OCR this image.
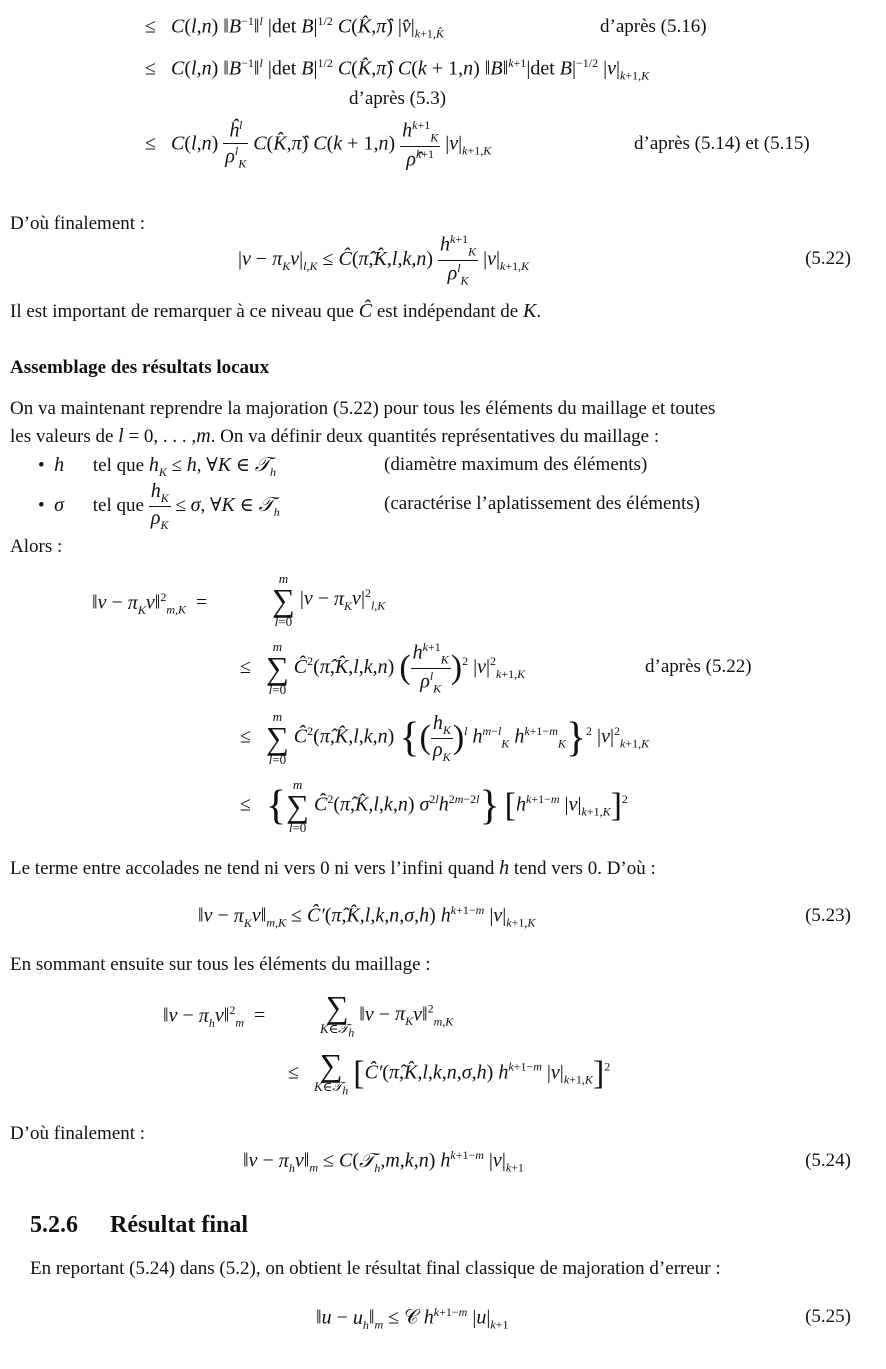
≤   C(l,n) $‖B^{-1}‖^l$ |det $B|^{1/2}$ C(K̂,π̂) $|v̂|_{k+1,K̂}$	d’après (5.16)
≤   C(l,n) $‖B^{-1}‖^l$ |det $B|^{1/2}$ C(K̂,π̂) C(k + 1,n) ‖B‖$^{k+1}$|det $B|^{-1/2}$ $|v|_{k+1,K}$
d’après (5.3)
≤   $C(l,n) \frac{ĥ^l}{\rho^l_K}$ C(K̂,π̂) $C(k + 1,n) \frac{h^{k+1}_K}{\rhô^{k+1}} |v|_{k+1,K}$	d’après (5.14) et (5.15)
D’où finalement :
$|v - \pi_Kv|_{l,K}$ ≤ Ĉ(π̂,K̂,l,k,n) $\frac{h^{k+1}_K}{\rho^l_K} |v|_{k+1,K}$	(5.22)
Il est important de remarquer à ce niveau que Ĉ est indépendant de K.
Assemblage des résultats locaux
On va maintenant reprendre la majoration (5.22) pour tous les éléments du maillage et toutes
les valeurs de l = 0, . . . ,m. On va définir deux quantités représentatives du maillage :
• h tel que $h_K \le h$, ∀K ∈ 𝒯$_h$	(diamètre maximum des éléments)
• σ tel que $\frac{h_K}{\rho_K} \le \sigma$, ∀K ∈ 𝒯$_h$	(caractérise l’aplatissement des éléments)
Alors :
‖v − $\pi_Kv‖^2_{m,K}$  =
m
∑
l=0 $|v - \pi_Kv|^2_{l,K}$
≤   m
∑
l=0 $Ĉ^2(\pî,K̂,l,k,n)$ ( $\frac{h^{k+1}_K}{\rho^l_K} )^2$ $|v|^2_{k+1,K}$	d’après (5.22)
≤   m
∑
l=0 $Ĉ^2(\pî,K̂,l,k,n)$ {( $\frac{h_K}{\rho_K} )^l$ $h^{m-l}_K$ $h^{k+1-m}_K\}^2$ $|v|^2_{k+1,K}$
≤   { m
∑
l=0 $Ĉ^2(\pî,K̂,l,k,n)$ $\sigma^{2l}h^{2m-2l}$} [$h^{k+1-m}$ $|v|_{k+1,K}]^2$
Le terme entre accolades ne tend ni vers 0 ni vers l’infini quand h tend vers 0. D’où :
‖v − $\pi_Kv‖_{m,K}$ ≤ Ĉ′(π̂,K̂,l,k,n,σ,h) $h^{k+1-m}$ $|v|_{k+1,K}$	(5.23)
En sommant ensuite sur tous les éléments du maillage :
‖v − $\pi_hv‖^2_m$  = ∑
K∈𝒯$_h$ ‖v − $\pi_Kv‖^2_{m,K}$
≤ ∑
K∈𝒯$_h$ [Ĉ′(π̂,K̂,l,k,n,σ,h) $h^{k+1-m}$ $|v|_{k+1,K}]^2$
D’où finalement :
‖v − $\pi_hv‖_m$ ≤ C(𝒯$_h$,m,k,n) $h^{k+1-m}$ $|v|_{k+1}$	(5.24)
5.2.6 Résultat final
En reportant (5.24) dans (5.2), on obtient le résultat final classique de majoration d’erreur :
‖u − $u_h‖_m$ ≤ 𝒞 $h^{k+1-m}$ $|u|_{k+1}$	(5.25)
